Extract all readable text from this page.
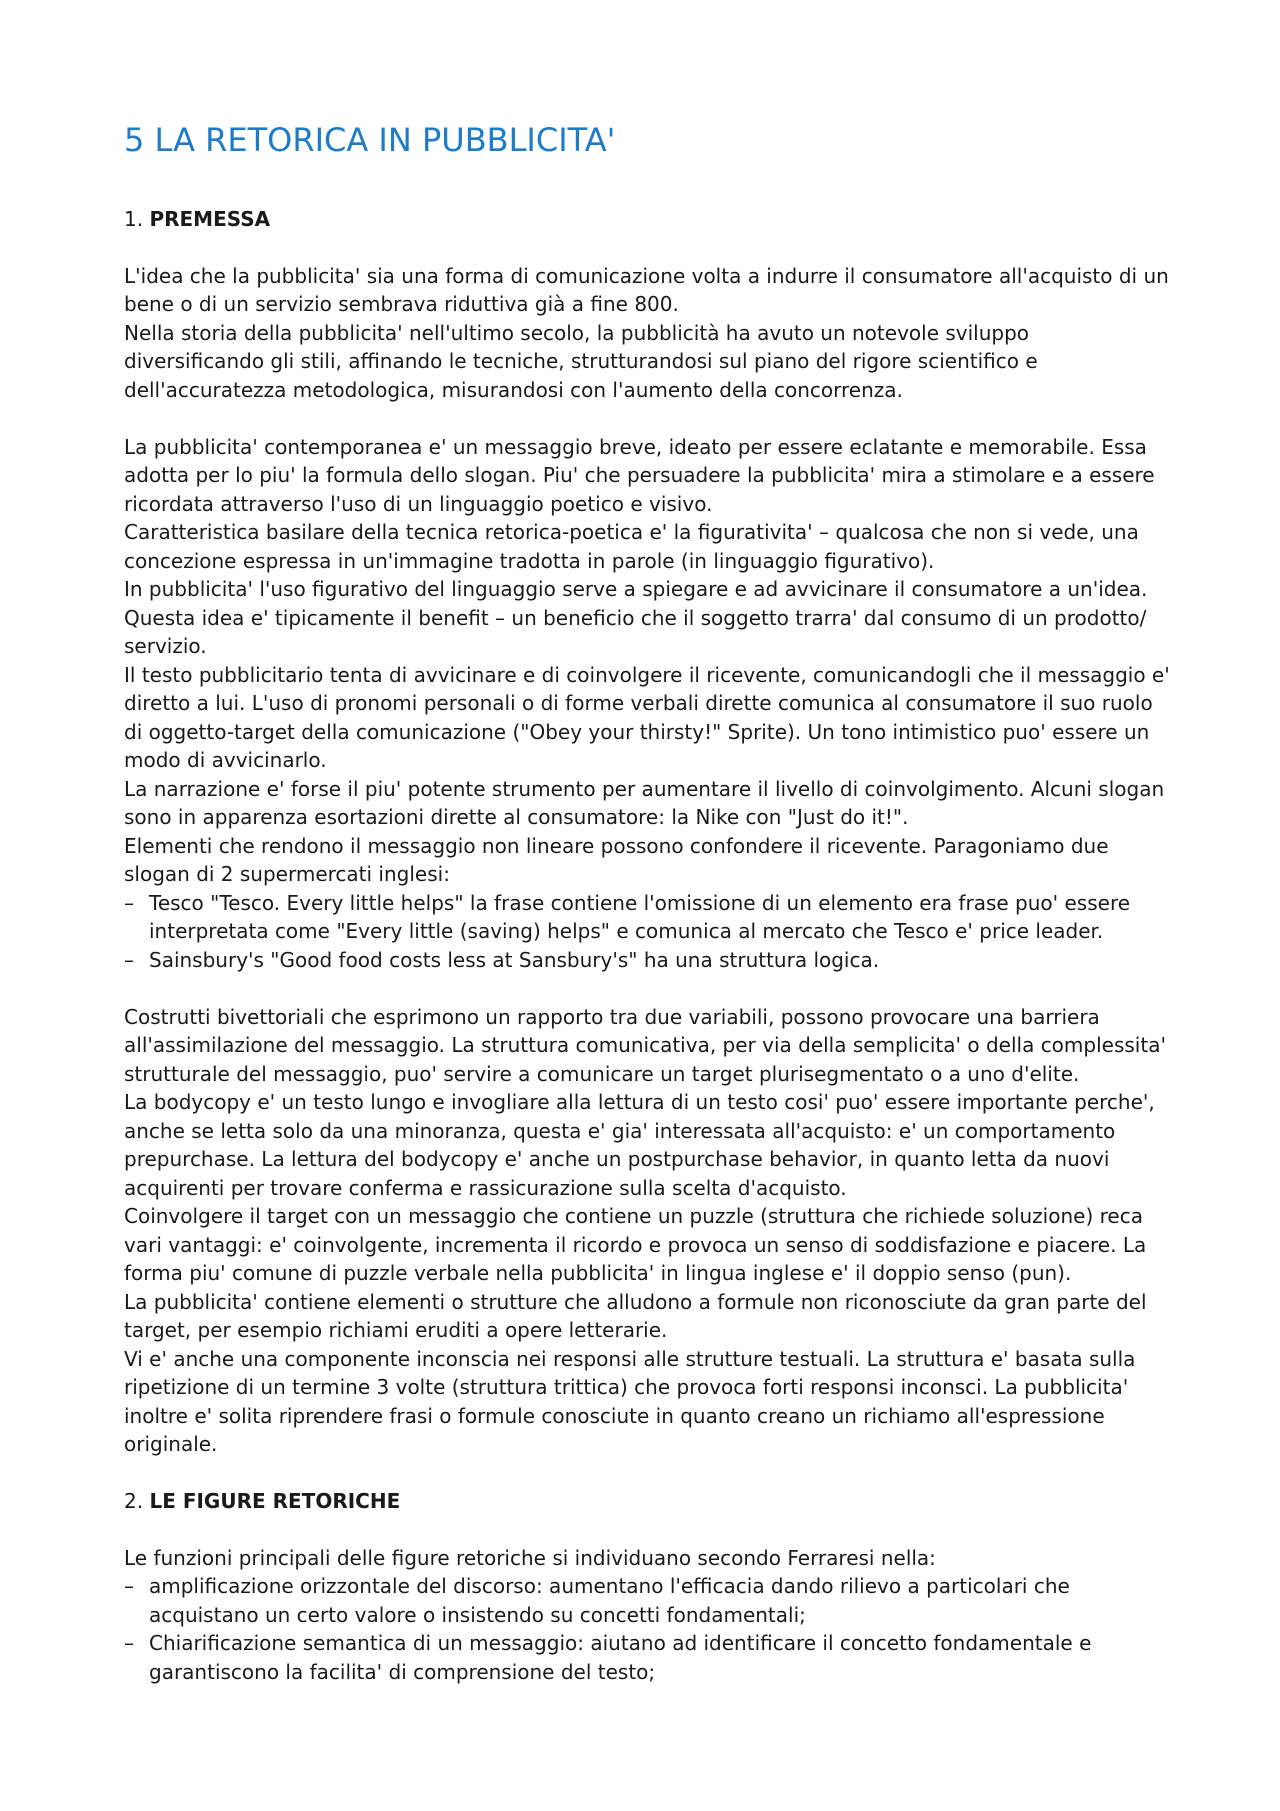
5 LA RETORICA IN PUBBLICITA'
1. PREMESSA

L'idea che la pubblicita' sia una forma di comunicazione volta a indurre il consumatore all'acquisto di un bene o di un servizio sembrava riduttiva già a fine 800.

Nella storia della pubblicita' nell'ultimo secolo, la pubblicità ha avuto un notevole sviluppo diversificando gli stili, affinando le tecniche, strutturandosi sul piano del rigore scientifico e dell'accuratezza metodologica, misurandosi con l'aumento della concorrenza.

La pubblicita' contemporanea e' un messaggio breve, ideato per essere eclatante e memorabile. Essa adotta per lo piu' la formula dello slogan. Piu' che persuadere la pubblicita' mira a stimolare e a essere ricordata attraverso l'uso di un linguaggio poetico e visivo.

Caratteristica basilare della tecnica retorica-poetica e' la figurativita' – qualcosa che non si vede, una concezione espressa in un'immagine tradotta in parole (in linguaggio figurativo).

In pubblicita' l'uso figurativo del linguaggio serve a spiegare e ad avvicinare il consumatore a un'idea. Questa idea e' tipicamente il benefit – un beneficio che il soggetto trarra' dal consumo di un prodotto/ servizio.

Il testo pubblicitario tenta di avvicinare e di coinvolgere il ricevente, comunicandogli che il messaggio e' diretto a lui. L'uso di pronomi personali o di forme verbali dirette comunica al consumatore il suo ruolo di oggetto-target della comunicazione ("Obey your thirsty!" Sprite). Un tono intimistico puo' essere un modo di avvicinarlo.

La narrazione e' forse il piu' potente strumento per aumentare il livello di coinvolgimento. Alcuni slogan sono in apparenza esortazioni dirette al consumatore: la Nike con "Just do it!".

Elementi che rendono il messaggio non lineare possono confondere il ricevente. Paragoniamo due slogan di 2 supermercati inglesi:

– Tesco "Tesco. Every little helps" la frase contiene l'omissione di un elemento era frase puo' essere interpretata come "Every little (saving) helps" e comunica al mercato che Tesco e' price leader.
– Sainsbury's "Good food costs less at Sansbury's" ha una struttura logica.

Costrutti bivettoriali che esprimono un rapporto tra due variabili, possono provocare una barriera all'assimilazione del messaggio. La struttura comunicativa, per via della semplicita' o della complessita' strutturale del messaggio, puo' servire a comunicare un target plurisegmentato o a uno d'elite.

La bodycopy e' un testo lungo e invogliare alla lettura di un testo cosi' puo' essere importante perche', anche se letta solo da una minoranza, questa e' gia' interessata all'acquisto: e' un comportamento prepurchase. La lettura del bodycopy e' anche un postpurchase behavior, in quanto letta da nuovi acquirenti per trovare conferma e rassicurazione sulla scelta d'acquisto.

Coinvolgere il target con un messaggio che contiene un puzzle (struttura che richiede soluzione) reca vari vantaggi: e' coinvolgente, incrementa il ricordo e provoca un senso di soddisfazione e piacere. La forma piu' comune di puzzle verbale nella pubblicita' in lingua inglese e' il doppio senso (pun).

La pubblicita' contiene elementi o strutture che alludono a formule non riconosciute da gran parte del target, per esempio richiami eruditi a opere letterarie.

Vi e' anche una componente inconscia nei responsi alle strutture testuali. La struttura e' basata sulla ripetizione di un termine 3 volte (struttura trittica) che provoca forti responsi inconsci. La pubblicita' inoltre e' solita riprendere frasi o formule conosciute in quanto creano un richiamo all'espressione originale.

2. LE FIGURE RETORICHE

Le funzioni principali delle figure retoriche si individuano secondo Ferraresi nella:

– amplificazione orizzontale del discorso: aumentano l'efficacia dando rilievo a particolari che acquistano un certo valore o insistendo su concetti fondamentali;
– Chiarificazione semantica di un messaggio: aiutano ad identificare il concetto fondamentale e garantiscono la facilita' di comprensione del testo;
